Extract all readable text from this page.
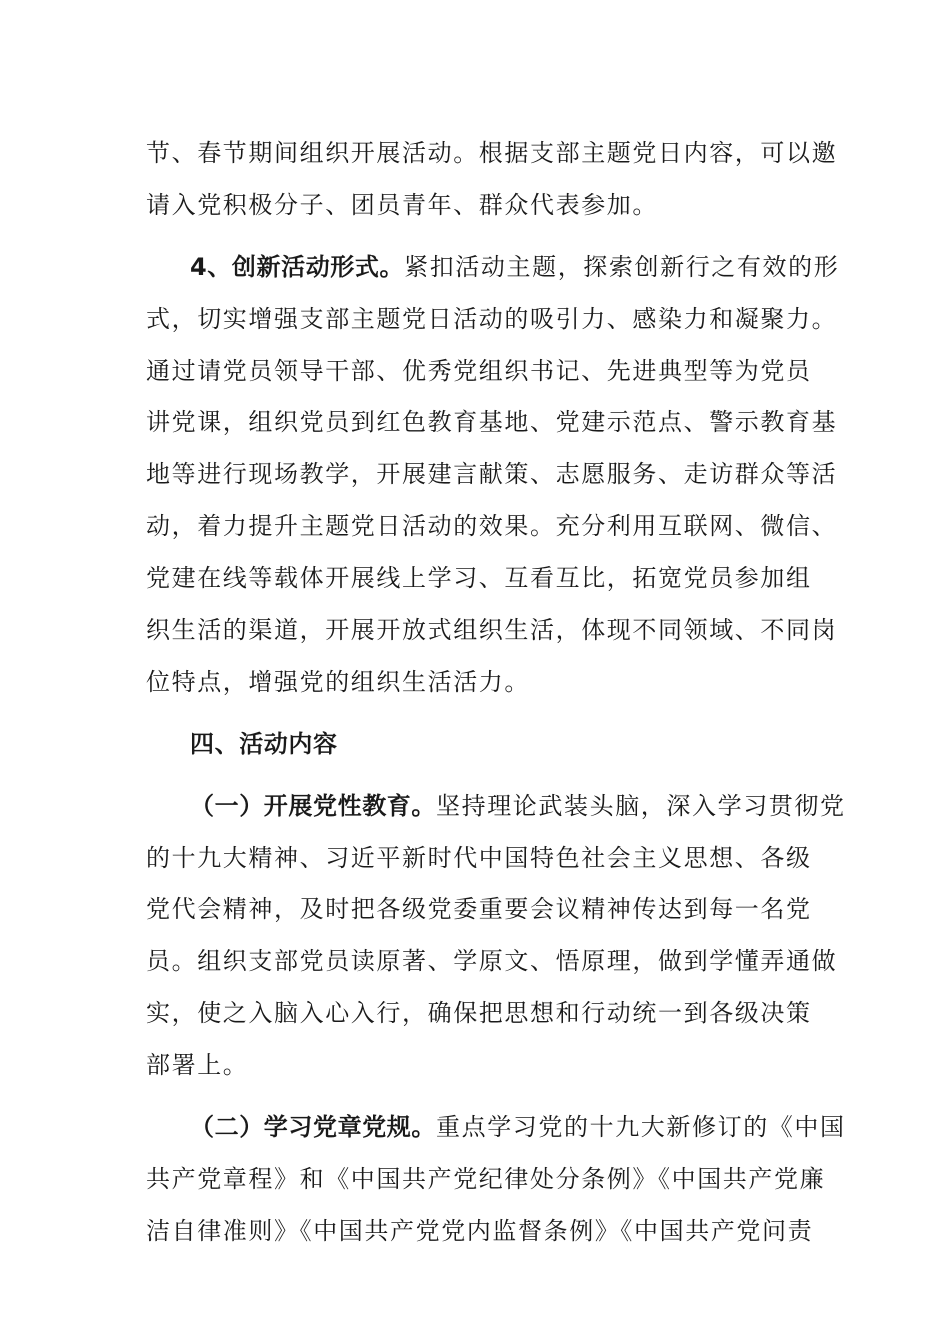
节、春节期间组织开展活动。根据支部主题党日内容，可以邀
请入党积极分子、团员青年、群众代表参加。
4、创新活动形式。紧扣活动主题，探索创新行之有效的形
式，切实增强支部主题党日活动的吸引力、感染力和凝聚力。
通过请党员领导干部、优秀党组织书记、先进典型等为党员
讲党课，组织党员到红色教育基地、党建示范点、警示教育基
地等进行现场教学，开展建言献策、志愿服务、走访群众等活
动，着力提升主题党日活动的效果。充分利用互联网、微信、
党建在线等载体开展线上学习、互看互比，拓宽党员参加组
织生活的渠道，开展开放式组织生活，体现不同领域、不同岗
位特点，增强党的组织生活活力。
四、活动内容
（一）开展党性教育。坚持理论武装头脑，深入学习贯彻党
的十九大精神、习近平新时代中国特色社会主义思想、各级
党代会精神，及时把各级党委重要会议精神传达到每一名党
员。组织支部党员读原著、学原文、悟原理，做到学懂弄通做
实，使之入脑入心入行，确保把思想和行动统一到各级决策
部署上。
（二）学习党章党规。重点学习党的十九大新修订的《中国
共产党章程》和《中国共产党纪律处分条例》《中国共产党廉
洁自律准则》《中国共产党党内监督条例》《中国共产党问责
